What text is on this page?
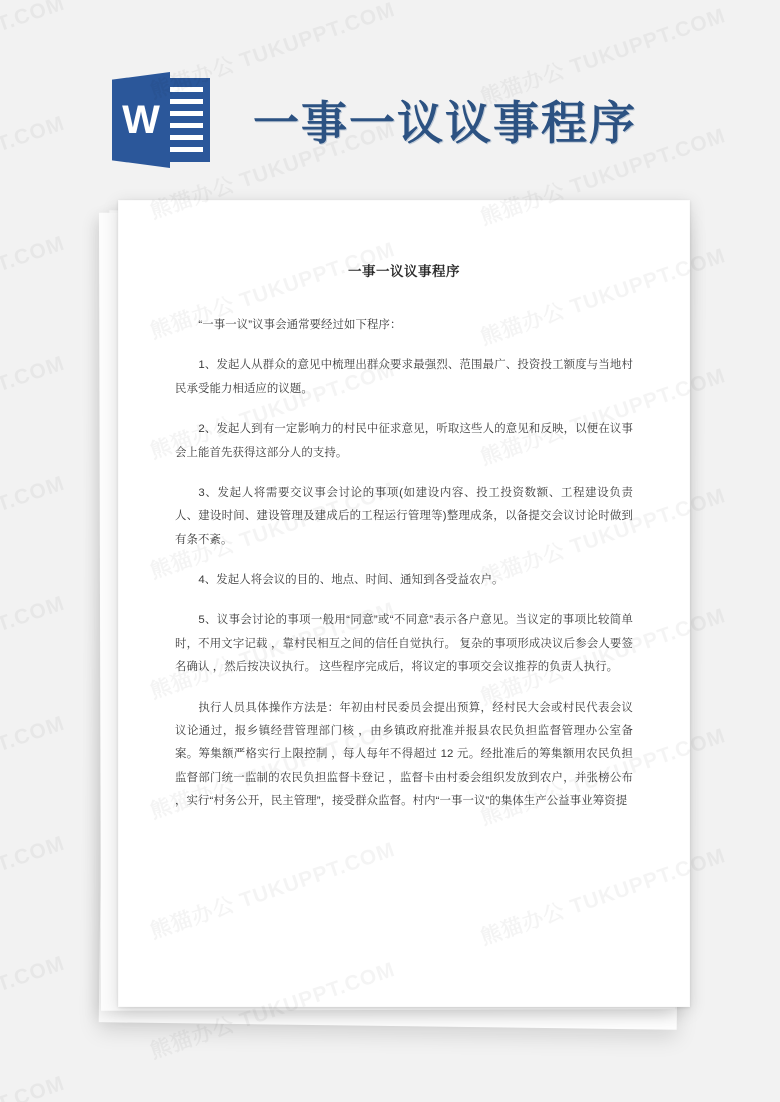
一事一议议事程序

“一事一议”议事会通常要经过如下程序：

1、发起人从群众的意见中梳理出群众要求最强烈、范围最广、投资投工额度与当地村民承受能力相适应的议题。

2、发起人到有一定影响力的村民中征求意见，听取这些人的意见和反映，以便在议事会上能首先获得这部分人的支持。

3、发起人将需要交议事会讨论的事项(如建设内容、投工投资数额、工程建设负责人、建设时间、建设管理及建成后的工程运行管理等)整理成条，以备提交会议讨论时做到有条不紊。

4、发起人将会议的目的、地点、时间、通知到各受益农户。

5、议事会讨论的事项一般用“同意”或“不同意”表示各户意见。当议定的事项比较简单时，不用文字记载 ，靠村民相互之间的信任自觉执行。 复杂的事项形成决议后参会人要签名确认 ，然后按决议执行。 这些程序完成后，将议定的事项交会议推荐的负责人执行。

执行人员具体操作方法是：年初由村民委员会提出预算，经村民大会或村民代表会议议论通过，报乡镇经营管理部门核 ，由乡镇政府批准并报县农民负担监督管理办公室备案。筹集额严格实行上限控制 ，每人每年不得超过 12 元。经批准后的筹集额用农民负担监督部门统一监制的农民负担监督卡登记 ，监督卡由村委会组织发放到农户，并张榜公布 ，实行“村务公开，民主管理”，接受群众监督。村内“一事一议”的集体生产公益事业筹资提

W 一事一议议事程序
